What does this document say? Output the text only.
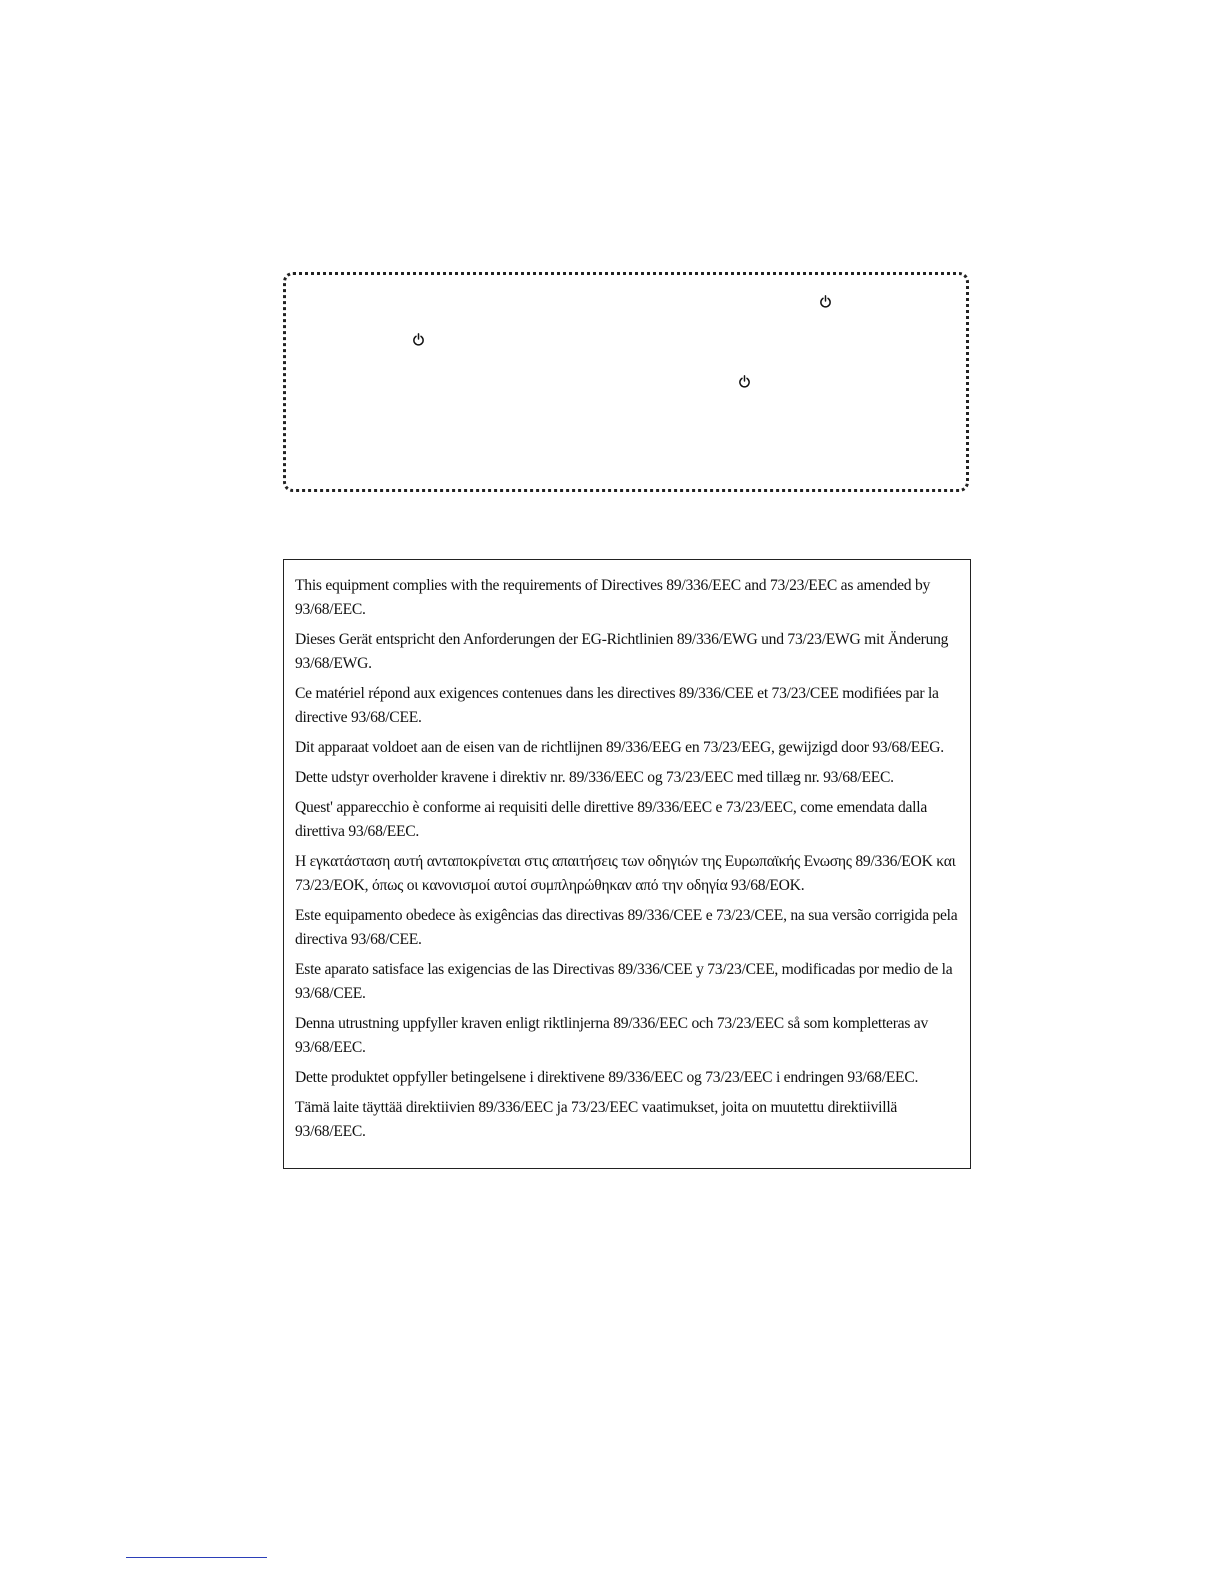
This equipment complies with the requirements of Directives 89/336/EEC and 73/23/EEC as amended by 93/68/EEC.

Dieses Gerät entspricht den Anforderungen der EG-Richtlinien 89/336/EWG und 73/23/EWG mit Änderung 93/68/EWG.

Ce matériel répond aux exigences contenues dans les directives 89/336/CEE et 73/23/CEE modifiées par la directive 93/68/CEE.

Dit apparaat voldoet aan de eisen van de richtlijnen 89/336/EEG en 73/23/EEG, gewijzigd door 93/68/EEG.

Dette udstyr overholder kravene i direktiv nr. 89/336/EEC og 73/23/EEC med tillæg nr. 93/68/EEC.

Quest' apparecchio è conforme ai requisiti delle direttive 89/336/EEC e 73/23/EEC, come emendata dalla direttiva 93/68/EEC.

Η εγκατάσταση αυτή ανταποκρίνεται στις απαιτήσεις των οδηγιών της Ευρωπαϊκής Ενωσης 89/336/ΕΟΚ και 73/23/ΕΟΚ, όπως οι κανονισμοί αυτοί συμπληρώθηκαν από την οδηγία 93/68/ΕΟΚ.

Este equipamento obedece às exigências das directivas 89/336/CEE e 73/23/CEE, na sua versão corrigida pela directiva 93/68/CEE.

Este aparato satisface las exigencias de las Directivas 89/336/CEE y 73/23/CEE, modificadas por medio de la 93/68/CEE.

Denna utrustning uppfyller kraven enligt riktlinjerna 89/336/EEC och 73/23/EEC så som kompletteras av 93/68/EEC.

Dette produktet oppfyller betingelsene i direktivene 89/336/EEC og 73/23/EEC i endringen 93/68/EEC.

Tämä laite täyttää direktiivien 89/336/EEC ja 73/23/EEC vaatimukset, joita on muutettu direktiivillä 93/68/EEC.
